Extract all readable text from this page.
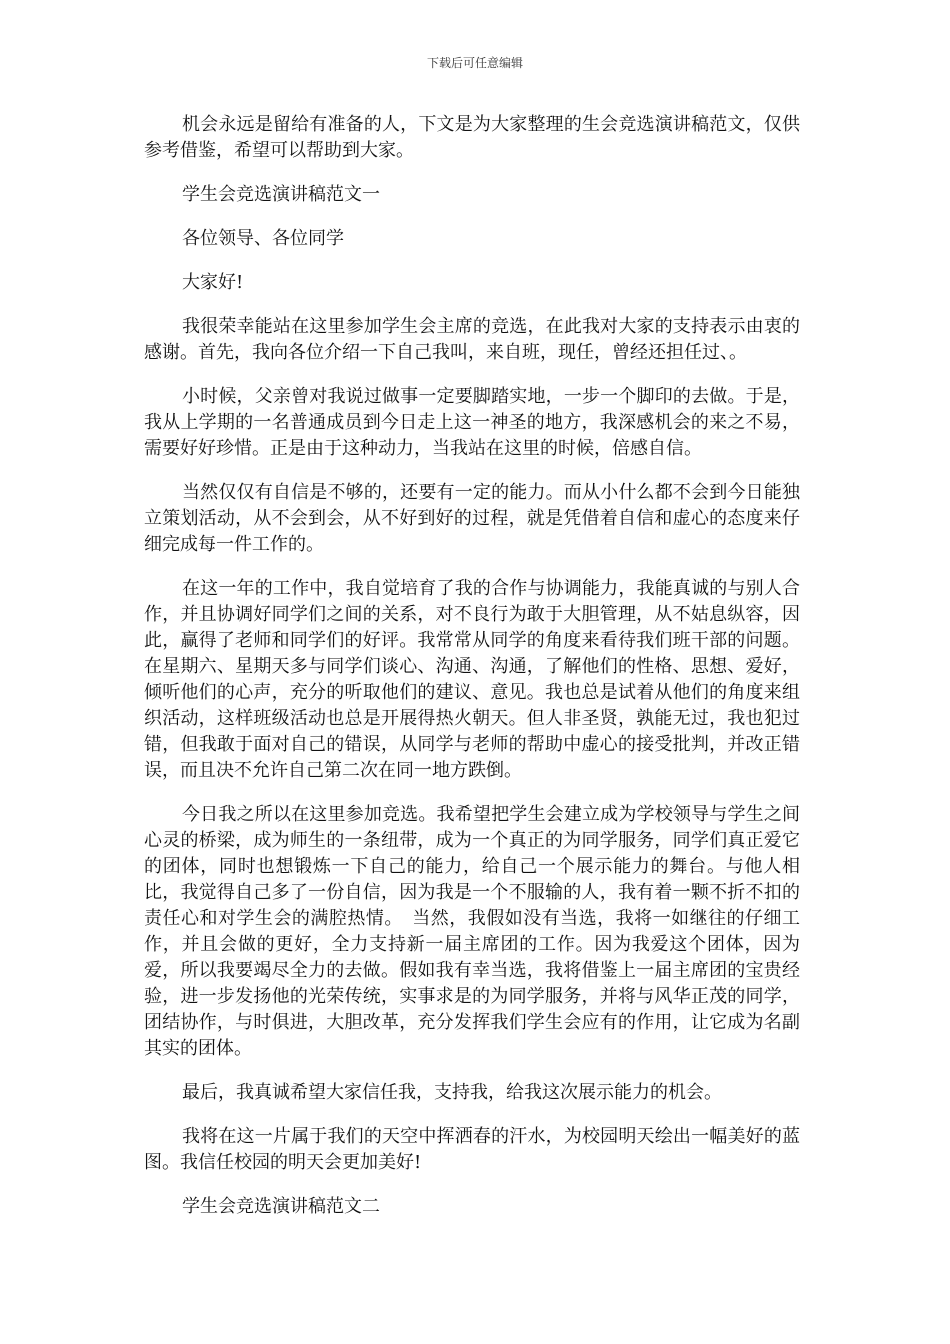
下载后可任意编辑

机会永远是留给有准备的人，下文是为大家整理的生会竞选演讲稿范文，仅供参考借鉴，希望可以帮助到大家。

学生会竞选演讲稿范文一

各位领导、各位同学

大家好!

我很荣幸能站在这里参加学生会主席的竞选，在此我对大家的支持表示由衷的感谢。首先，我向各位介绍一下自己我叫，来自班，现任，曾经还担任过、。

小时候，父亲曾对我说过做事一定要脚踏实地，一步一个脚印的去做。于是，我从上学期的一名普通成员到今日走上这一神圣的地方，我深感机会的来之不易，需要好好珍惜。正是由于这种动力，当我站在这里的时候，倍感自信。

当然仅仅有自信是不够的，还要有一定的能力。而从小什么都不会到今日能独立策划活动，从不会到会，从不好到好的过程，就是凭借着自信和虚心的态度来仔细完成每一件工作的。

在这一年的工作中，我自觉培育了我的合作与协调能力，我能真诚的与别人合作，并且协调好同学们之间的关系，对不良行为敢于大胆管理，从不姑息纵容，因此，赢得了老师和同学们的好评。我常常从同学的角度来看待我们班干部的问题。在星期六、星期天多与同学们谈心、沟通、沟通，了解他们的性格、思想、爱好，倾听他们的心声，充分的听取他们的建议、意见。我也总是试着从他们的角度来组织活动，这样班级活动也总是开展得热火朝天。但人非圣贤，孰能无过，我也犯过错，但我敢于面对自己的错误，从同学与老师的帮助中虚心的接受批判，并改正错误，而且决不允许自己第二次在同一地方跌倒。

今日我之所以在这里参加竞选。我希望把学生会建立成为学校领导与学生之间心灵的桥梁，成为师生的一条纽带，成为一个真正的为同学服务，同学们真正爱它的团体，同时也想锻炼一下自己的能力，给自己一个展示能力的舞台。与他人相比，我觉得自己多了一份自信，因为我是一个不服输的人，我有着一颗不折不扣的责任心和对学生会的满腔热情。　当然，我假如没有当选，我将一如继往的仔细工作，并且会做的更好，全力支持新一届主席团的工作。因为我爱这个团体，因为爱，所以我要竭尽全力的去做。假如我有幸当选，我将借鉴上一届主席团的宝贵经验，进一步发扬他的光荣传统，实事求是的为同学服务，并将与风华正茂的同学，团结协作，与时俱进，大胆改革，充分发挥我们学生会应有的作用，让它成为名副其实的团体。

最后，我真诚希望大家信任我，支持我，给我这次展示能力的机会。

我将在这一片属于我们的天空中挥洒春的汗水，为校园明天绘出一幅美好的蓝图。我信任校园的明天会更加美好!

学生会竞选演讲稿范文二
